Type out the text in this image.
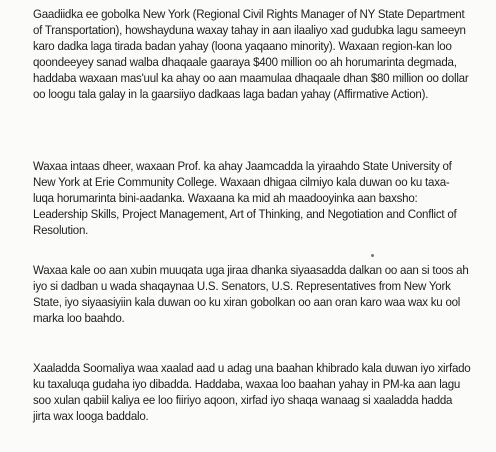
Gaadiidka ee gobolka New York (Regional Civil Rights Manager of NY State Department
of Transportation), howshayduna waxay tahay in aan ilaaliyo xad gudubka lagu sameeyn
karo dadka laga tirada badan yahay (loona yaqaano minority). Waxaan region-kan loo
qoondeeyey sanad walba dhaqaale gaaraya $400 million oo ah horumarinta degmada,
haddaba waxaan mas'uul ka ahay oo aan maamulaa dhaqaale dhan $80 million oo dollar
oo loogu tala galay in la gaarsiiyo dadkaas laga badan yahay (Affirmative Action).

Waxaa intaas dheer, waxaan Prof. ka ahay Jaamcadda la yiraahdo State University of
New York at Erie Community College. Waxaan dhigaa cilmiyo kala duwan oo ku taxa-
luqa horumarinta bini-aadanka. Waxaana ka mid ah maadooyinka aan baxsho:
Leadership Skills, Project Management, Art of Thinking, and Negotiation and Conflict of
Resolution.

Waxaa kale oo aan xubin muuqata uga jiraa dhanka siyaasadda dalkan oo aan si toos ah
iyo si dadban u wada shaqaynaa U.S. Senators, U.S. Representatives from New York
State, iyo siyaasiyiin kala duwan oo ku xiran gobolkan oo aan oran karo waa wax ku ool
marka loo baahdo.

Xaaladda Soomaliya waa xaalad aad u adag una baahan khibrado kala duwan iyo xirfado
ku taxaluqa gudaha iyo dibadda. Haddaba, waxaa loo baahan yahay in PM-ka aan lagu
soo xulan qabiil kaliya ee loo fiiriyo aqoon, xirfad iyo shaqa wanaag si xaaladda hadda
jirta wax looga baddalo.
